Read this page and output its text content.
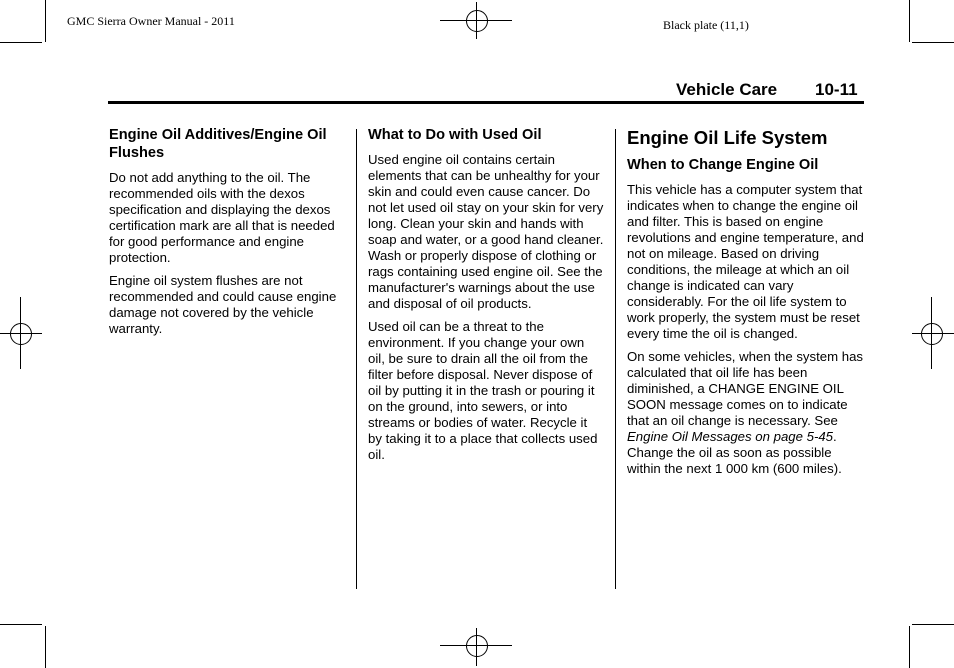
GMC Sierra Owner Manual - 2011	Black plate (11,1)
Vehicle Care 10-11
Engine Oil Additives/Engine Oil Flushes

Do not add anything to the oil. The recommended oils with the dexos specification and displaying the dexos certification mark are all that is needed for good performance and engine protection.

Engine oil system flushes are not recommended and could cause engine damage not covered by the vehicle warranty.

What to Do with Used Oil

Used engine oil contains certain elements that can be unhealthy for your skin and could even cause cancer. Do not let used oil stay on your skin for very long. Clean your skin and hands with soap and water, or a good hand cleaner. Wash or properly dispose of clothing or rags containing used engine oil. See the manufacturer's warnings about the use and disposal of oil products.

Used oil can be a threat to the environment. If you change your own oil, be sure to drain all the oil from the filter before disposal. Never dispose of oil by putting it in the trash or pouring it on the ground, into sewers, or into streams or bodies of water. Recycle it by taking it to a place that collects used oil.

Engine Oil Life System
When to Change Engine Oil

This vehicle has a computer system that indicates when to change the engine oil and filter. This is based on engine revolutions and engine temperature, and not on mileage. Based on driving conditions, the mileage at which an oil change is indicated can vary considerably. For the oil life system to work properly, the system must be reset every time the oil is changed.

On some vehicles, when the system has calculated that oil life has been diminished, a CHANGE ENGINE OIL SOON message comes on to indicate that an oil change is necessary. See Engine Oil Messages on page 5‑45. Change the oil as soon as possible within the next 1 000 km (600 miles).
